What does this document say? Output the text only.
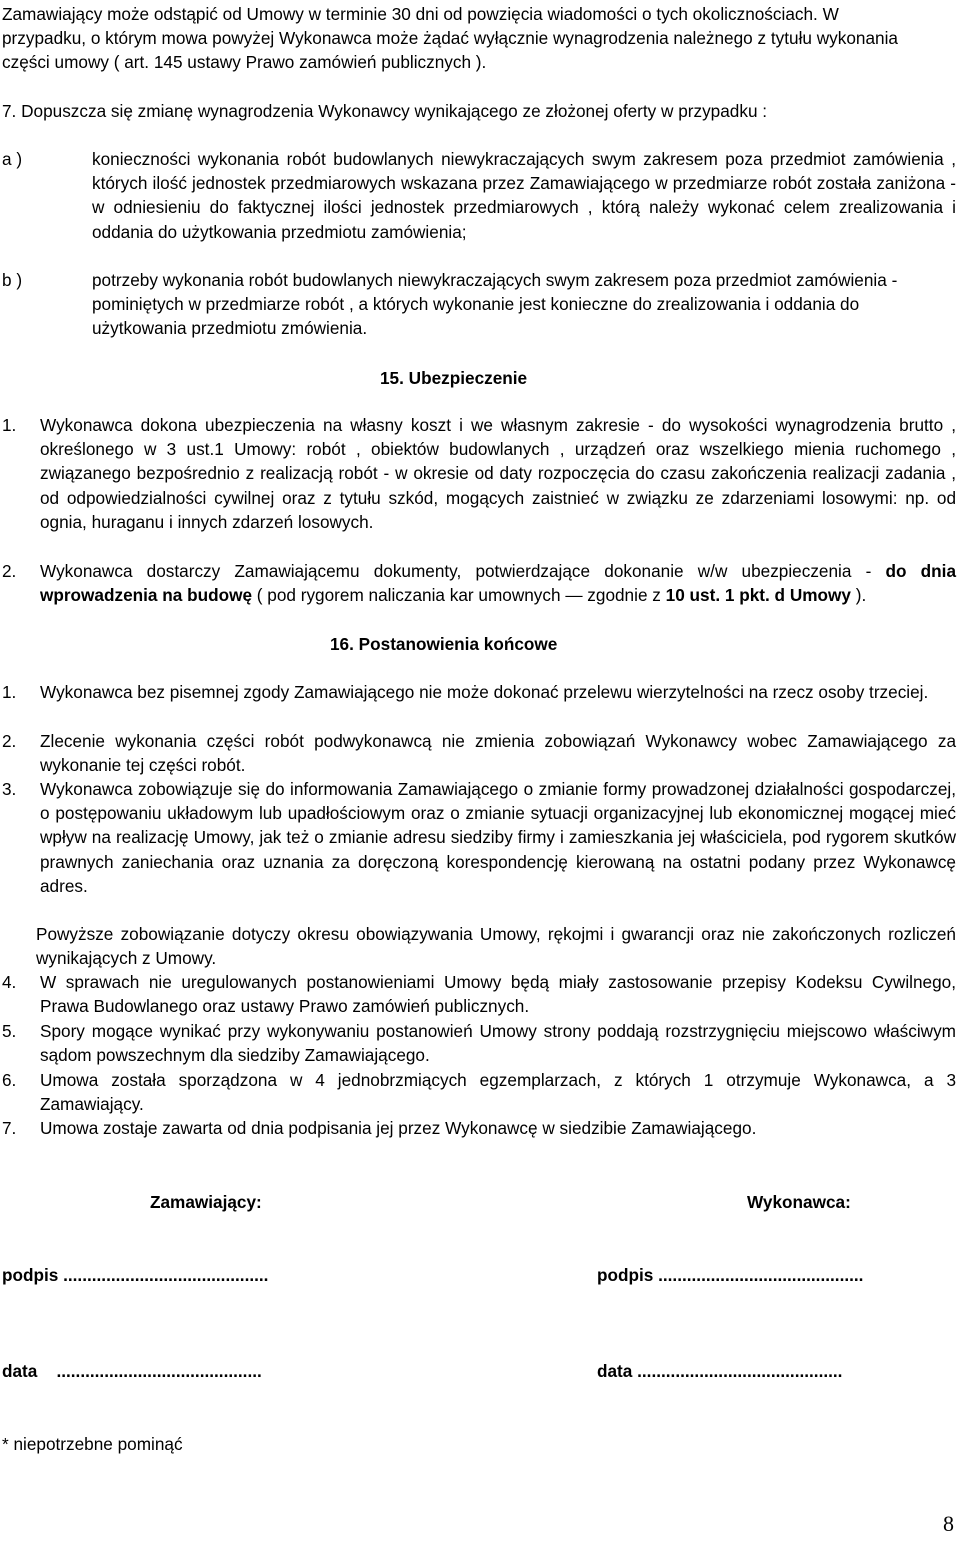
Zamawiający może odstąpić od Umowy w terminie 30 dni od powzięcia wiadomości o tych okolicznościach. W przypadku, o którym mowa powyżej Wykonawca może żądać wyłącznie wynagrodzenia należnego z tytułu wykonania części umowy ( art. 145 ustawy Prawo zamówień publicznych ).

7. Dopuszcza się zmianę wynagrodzenia Wykonawcy wynikającego ze złożonej oferty w przypadku :

a )	konieczności wykonania robót budowlanych niewykraczających swym zakresem poza przedmiot zamówienia , których ilość jednostek przedmiarowych wskazana przez Zamawiającego w przedmiarze robót została zaniżona - w odniesieniu do faktycznej ilości jednostek przedmiarowych , którą należy wykonać celem zrealizowania i oddania do użytkowania przedmiotu zamówienia;

b )	potrzeby wykonania robót budowlanych niewykraczających swym zakresem poza przedmiot zamówienia - pominiętych w przedmiarze robót , a których wykonanie jest konieczne do zrealizowania i oddania do użytkowania przedmiotu zmówienia.

15. Ubezpieczenie
1.	Wykonawca dokona ubezpieczenia na własny koszt i we własnym zakresie - do wysokości wynagrodzenia brutto , określonego w 3 ust.1 Umowy: robót , obiektów budowlanych , urządzeń oraz wszelkiego mienia ruchomego , związanego bezpośrednio z realizacją robót - w okresie od daty rozpoczęcia do czasu zakończenia realizacji zadania , od odpowiedzialności cywilnej oraz z tytułu szkód, mogących zaistnieć w związku ze zdarzeniami losowymi: np. od ognia, huraganu i innych zdarzeń losowych.

2.	Wykonawca dostarczy Zamawiającemu dokumenty, potwierdzające dokonanie w/w ubezpieczenia - do dnia wprowadzenia na budowę ( pod rygorem naliczania kar umownych — zgodnie z 10 ust. 1 pkt. d Umowy ).

16. Postanowienia końcowe
1.	Wykonawca bez pisemnej zgody Zamawiającego nie może dokonać przelewu wierzytelności na rzecz osoby trzeciej.

2.	Zlecenie wykonania części robót podwykonawcą nie zmienia zobowiązań Wykonawcy wobec Zamawiającego za wykonanie tej części robót.

3.	Wykonawca zobowiązuje się do informowania Zamawiającego o zmianie formy prowadzonej działalności gospodarczej, o postępowaniu układowym lub upadłościowym oraz o zmianie sytuacji organizacyjnej lub ekonomicznej mogącej mieć wpływ na realizację Umowy, jak też o zmianie adresu siedziby firmy i zamieszkania jej właściciela, pod rygorem skutków prawnych zaniechania oraz uznania za doręczoną korespondencję kierowaną na ostatni podany przez Wykonawcę adres.

Powyższe zobowiązanie dotyczy okresu obowiązywania Umowy, rękojmi i gwarancji oraz nie zakończonych rozliczeń wynikających z Umowy.

4.	W sprawach nie uregulowanych postanowieniami Umowy będą miały zastosowanie przepisy Kodeksu Cywilnego, Prawa Budowlanego oraz ustawy Prawo zamówień publicznych.

5.	Spory mogące wynikać przy wykonywaniu postanowień Umowy strony poddają rozstrzygnięciu miejscowo właściwym sądom powszechnym dla siedziby Zamawiającego.

6.	Umowa została sporządzona w 4 jednobrzmiących egzemplarzach, z których 1 otrzymuje Wykonawca, a 3 Zamawiający.

7.	Umowa zostaje zawarta od dnia podpisania jej przez Wykonawcę w siedzibie Zamawiającego.

Zamawiający:	Wykonawca:
podpis ...........................................	podpis ...........................................
data    ...........................................	data ...........................................
* niepotrzebne pominąć
8
